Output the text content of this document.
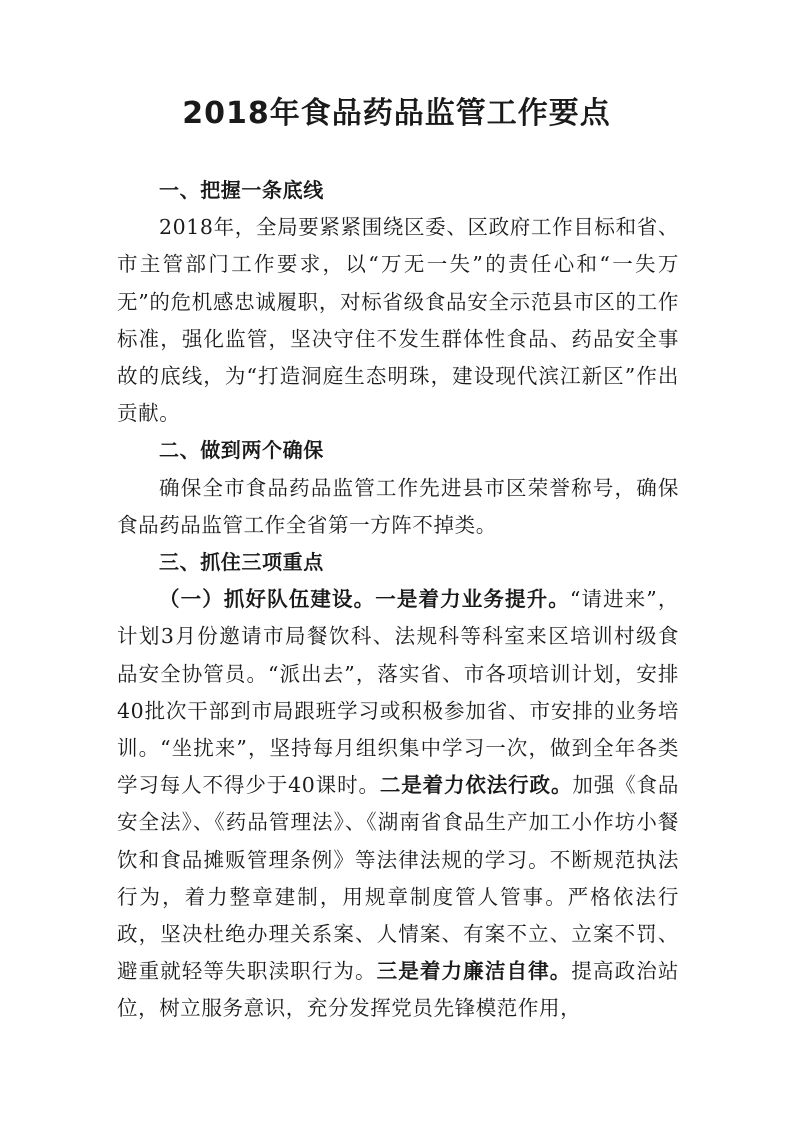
2018年食品药品监管工作要点

一、把握一条底线

2018年，全局要紧紧围绕区委、区政府工作目标和省、市主管部门工作要求，以“万无一失”的责任心和“一失万无”的危机感忠诚履职，对标省级食品安全示范县市区的工作标准，强化监管，坚决守住不发生群体性食品、药品安全事故的底线，为“打造洞庭生态明珠，建设现代滨江新区”作出贡献。

二、做到两个确保

确保全市食品药品监管工作先进县市区荣誉称号，确保食品药品监管工作全省第一方阵不掉类。

三、抓住三项重点

（一）抓好队伍建设。一是着力业务提升。“请进来”，计划3月份邀请市局餐饮科、法规科等科室来区培训村级食品安全协管员。“派出去”，落实省、市各项培训计划，安排40批次干部到市局跟班学习或积极参加省、市安排的业务培训。“坐扰来”，坚持每月组织集中学习一次，做到全年各类学习每人不得少于40课时。二是着力依法行政。加强《食品安全法》、《药品管理法》、《湖南省食品生产加工小作坊小餐饮和食品摊贩管理条例》等法律法规的学习。不断规范执法行为，着力整章建制，用规章制度管人管事。严格依法行政，坚决杜绝办理关系案、人情案、有案不立、立案不罚、避重就轻等失职渎职行为。三是着力廉洁自律。提高政治站位，树立服务意识，充分发挥党员先锋模范作用，
